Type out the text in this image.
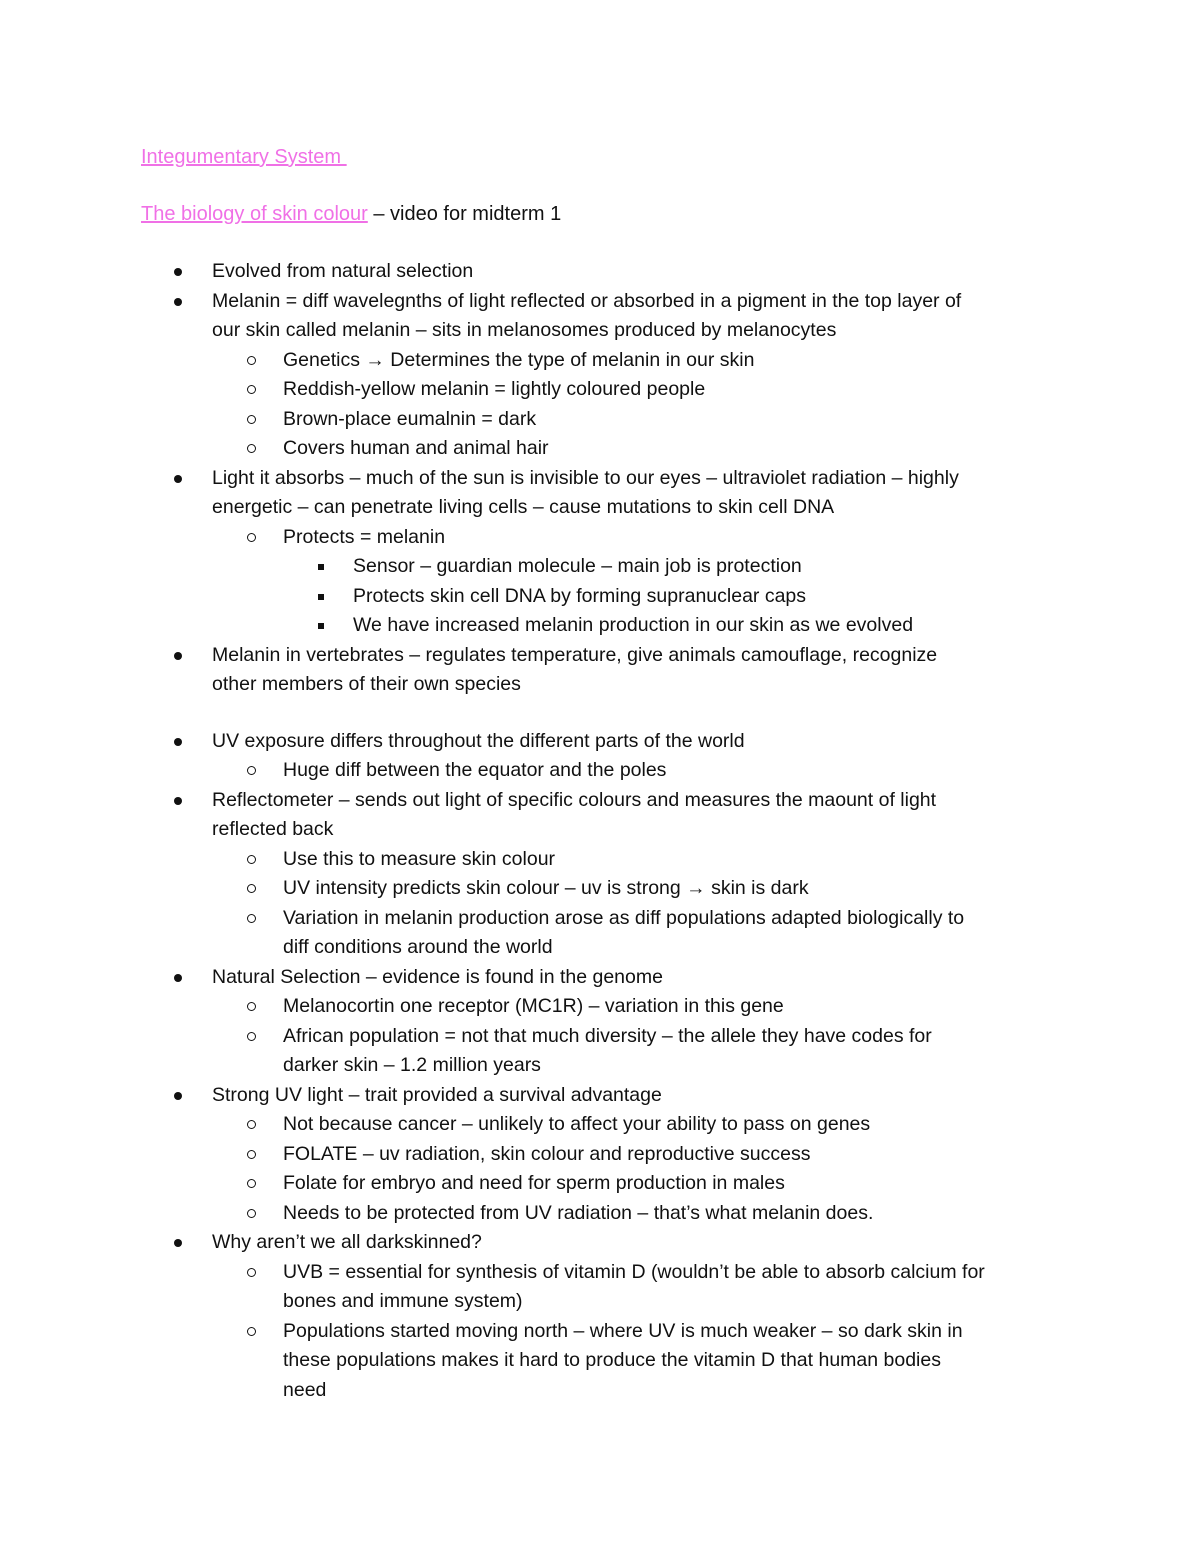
Integumentary System
The biology of skin colour – video for midterm 1
Evolved from natural selection
Melanin = diff wavelegnths of light reflected or absorbed in a pigment in the top layer of
our skin called melanin – sits in melanosomes produced by melanocytes
Genetics → Determines the type of melanin in our skin
Reddish-yellow melanin = lightly coloured people
Brown-place eumalnin = dark
Covers human and animal hair
Light it absorbs – much of the sun is invisible to our eyes – ultraviolet radiation – highly
energetic – can penetrate living cells – cause mutations to skin cell DNA
Protects = melanin
Sensor – guardian molecule – main job is protection
Protects skin cell DNA by forming supranuclear caps
We have increased melanin production in our skin as we evolved
Melanin in vertebrates – regulates temperature, give animals camouflage, recognize
other members of their own species
UV exposure differs throughout the different parts of the world
Huge diff between the equator and the poles
Reflectometer – sends out light of specific colours and measures the maount of light
reflected back
Use this to measure skin colour
UV intensity predicts skin colour – uv is strong → skin is dark
Variation in melanin production arose as diff populations adapted biologically to
diff conditions around the world
Natural Selection – evidence is found in the genome
Melanocortin one receptor (MC1R) – variation in this gene
African population = not that much diversity – the allele they have codes for
darker skin – 1.2 million years
Strong UV light – trait provided a survival advantage
Not because cancer – unlikely to affect your ability to pass on genes
FOLATE – uv radiation, skin colour and reproductive success
Folate for embryo and need for sperm production in males
Needs to be protected from UV radiation – that’s what melanin does.
Why aren’t we all darkskinned?
UVB = essential for synthesis of vitamin D (wouldn’t be able to absorb calcium for
bones and immune system)
Populations started moving north – where UV is much weaker – so dark skin in
these populations makes it hard to produce the vitamin D that human bodies
need
